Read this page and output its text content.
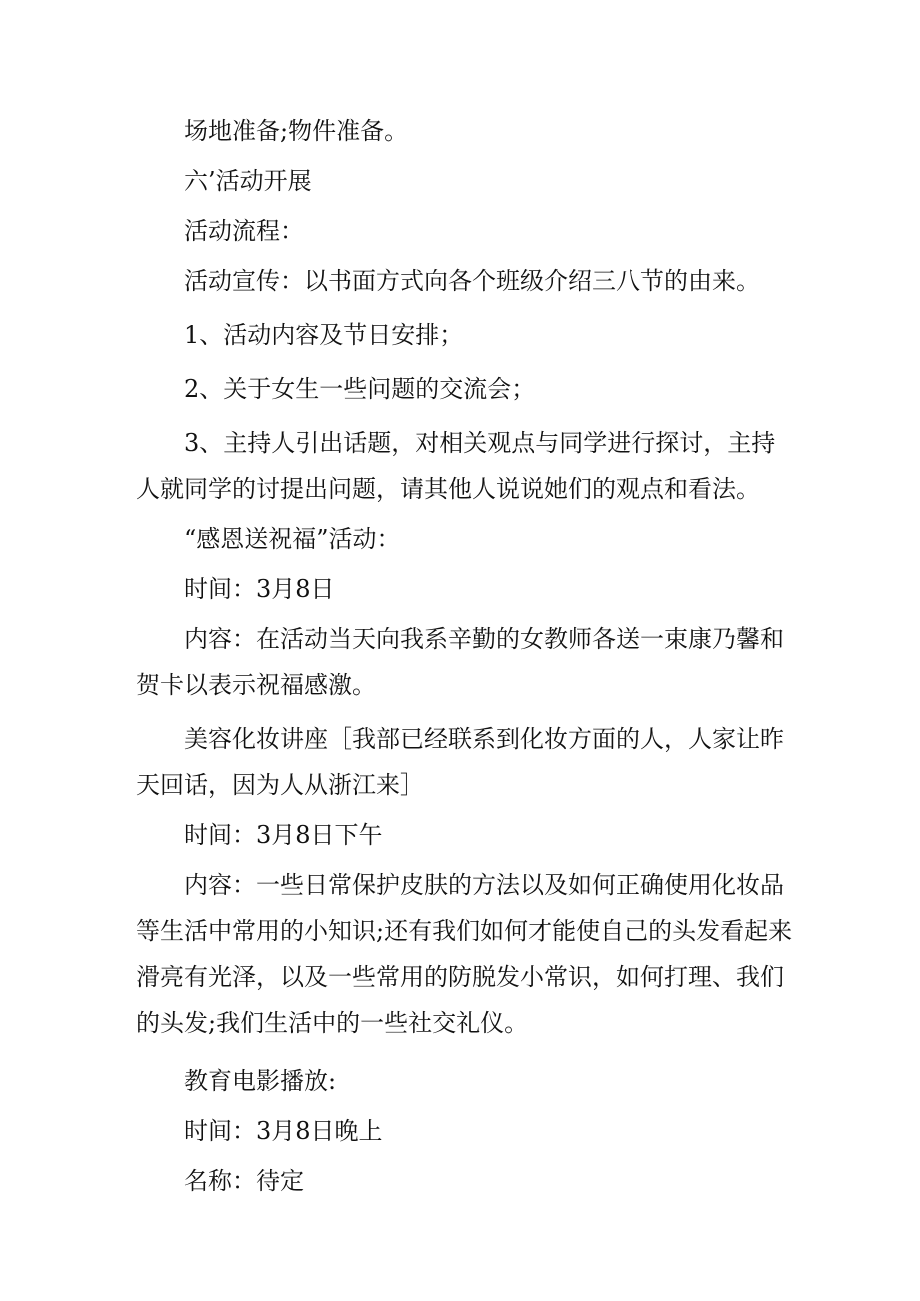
场地准备;物件准备。

六’活动开展

活动流程：

活动宣传：以书面方式向各个班级介绍三八节的由来。

1、活动内容及节日安排；

2、关于女生一些问题的交流会；

3、主持人引出话题，对相关观点与同学进行探讨，主持人就同学的讨提出问题，请其他人说说她们的观点和看法。

“感恩送祝福”活动：

时间：3月8日

内容：在活动当天向我系辛勤的女教师各送一束康乃馨和贺卡以表示祝福感激。

美容化妆讲座［我部已经联系到化妆方面的人，人家让昨天回话，因为人从浙江来］

时间：3月8日下午

内容：一些日常保护皮肤的方法以及如何正确使用化妆品等生活中常用的小知识;还有我们如何才能使自己的头发看起来滑亮有光泽，以及一些常用的防脱发小常识，如何打理、我们的头发;我们生活中的一些社交礼仪。

教育电影播放:

时间：3月8日晚上

名称：待定
